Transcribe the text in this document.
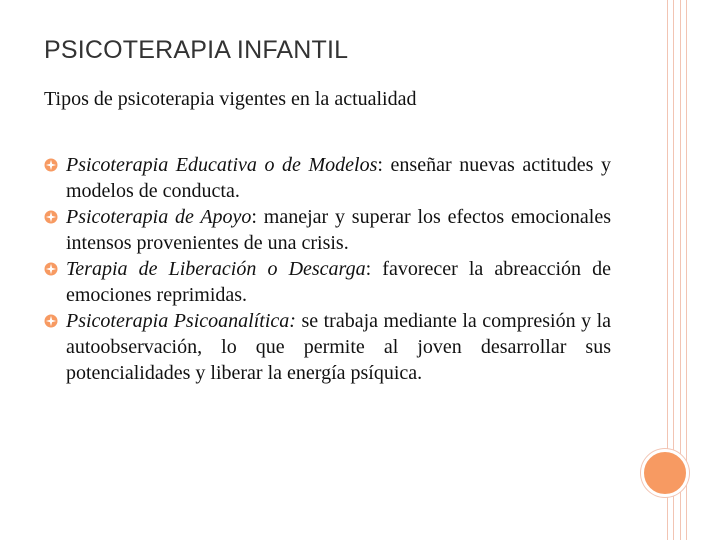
PSICOTERAPIA INFANTIL

Tipos de psicoterapia vigentes en la actualidad

Psicoterapia Educativa o de Modelos: enseñar nuevas actitudes y modelos de conducta.
Psicoterapia de Apoyo: manejar y superar los efectos emocionales intensos provenientes de una crisis.
Terapia de Liberación o Descarga: favorecer la abreacción de emociones reprimidas.
Psicoterapia Psicoanalítica: se trabaja mediante la compresión y la autoobservación, lo que permite al joven desarrollar sus potencialidades y liberar la energía psíquica.
